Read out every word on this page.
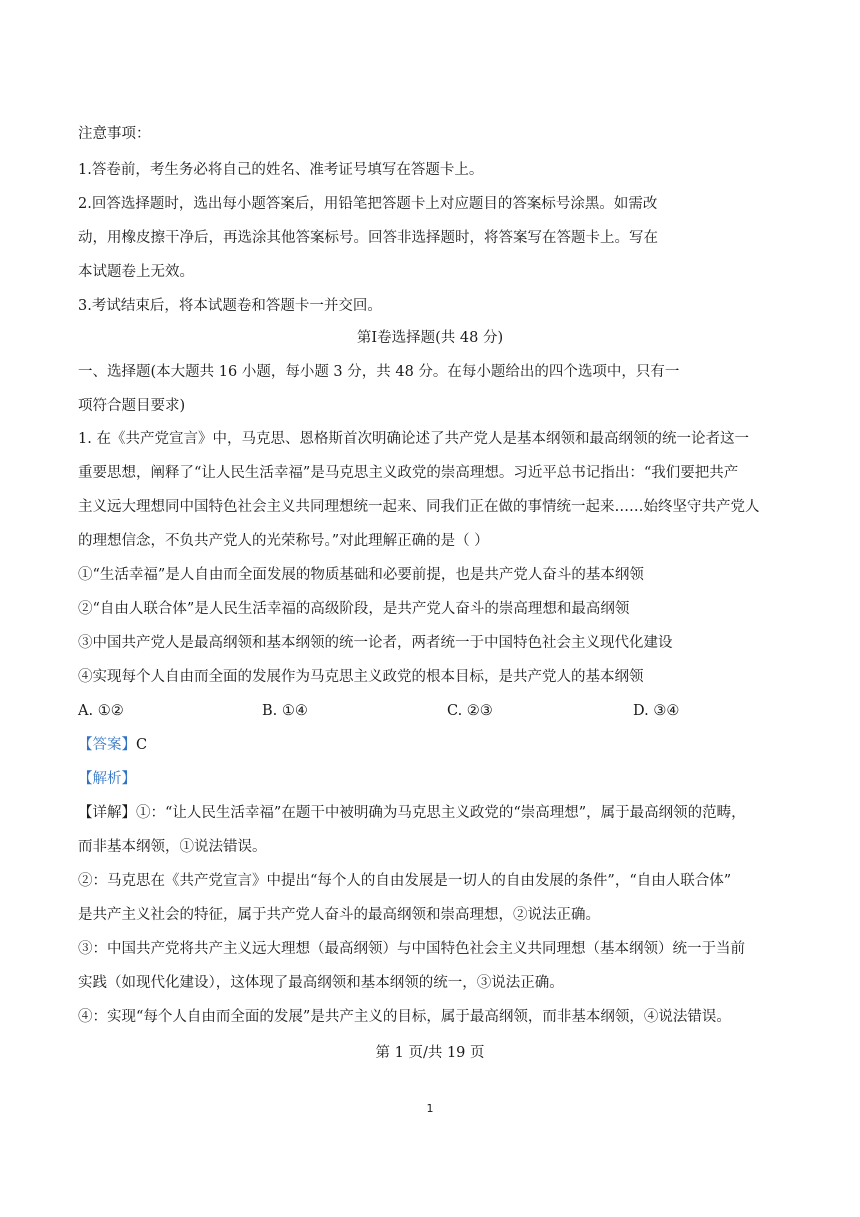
注意事项：
1.答卷前，考生务必将自己的姓名、准考证号填写在答题卡上。
2.回答选择题时，选出每小题答案后，用铅笔把答题卡上对应题目的答案标号涂黑。如需改
动，用橡皮擦干净后，再选涂其他答案标号。回答非选择题时，将答案写在答题卡上。写在
本试题卷上无效。
3.考试结束后，将本试题卷和答题卡一并交回。
第Ⅰ卷选择题(共 48 分)
一、选择题(本大题共 16 小题，每小题 3 分，共 48 分。在每小题给出的四个选项中，只有一
项符合题目要求)
1. 在《共产党宣言》中，马克思、恩格斯首次明确论述了共产党人是基本纲领和最高纲领的统一论者这一
重要思想，阐释了“让人民生活幸福”是马克思主义政党的崇高理想。习近平总书记指出：“我们要把共产
主义远大理想同中国特色社会主义共同理想统一起来、同我们正在做的事情统一起来……始终坚守共产党人
的理想信念，不负共产党人的光荣称号。”对此理解正确的是（ ）
①“生活幸福”是人自由而全面发展的物质基础和必要前提，也是共产党人奋斗的基本纲领
②“自由人联合体”是人民生活幸福的高级阶段，是共产党人奋斗的崇高理想和最高纲领
③中国共产党人是最高纲领和基本纲领的统一论者，两者统一于中国特色社会主义现代化建设
④实现每个人自由而全面的发展作为马克思主义政党的根本目标，是共产党人的基本纲领
A. ①②	B. ①④	C. ②③	D. ③④
【答案】C
【解析】
【详解】①：“让人民生活幸福”在题干中被明确为马克思主义政党的“崇高理想”，属于最高纲领的范畴，
而非基本纲领，①说法错误。
②：马克思在《共产党宣言》中提出“每个人的自由发展是一切人的自由发展的条件”，“自由人联合体”
是共产主义社会的特征，属于共产党人奋斗的最高纲领和崇高理想，②说法正确。
③：中国共产党将共产主义远大理想（最高纲领）与中国特色社会主义共同理想（基本纲领）统一于当前
实践（如现代化建设），这体现了最高纲领和基本纲领的统一，③说法正确。
④：实现“每个人自由而全面的发展”是共产主义的目标，属于最高纲领，而非基本纲领，④说法错误。
第 1 页/共 19 页
1
